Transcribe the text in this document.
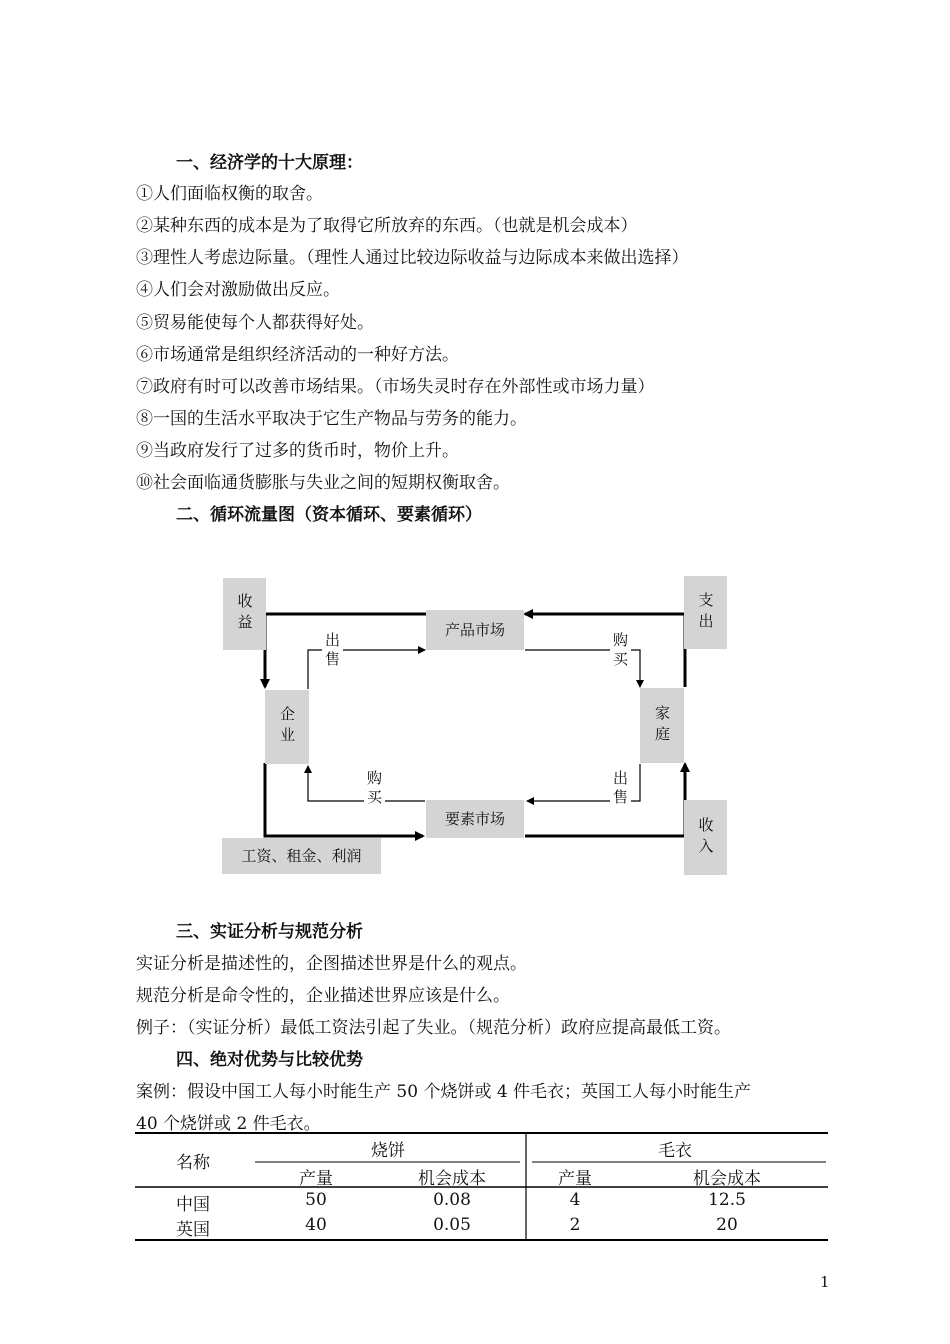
一、经济学的十大原理：
①人们面临权衡的取舍。
②某种东西的成本是为了取得它所放弃的东西。（也就是机会成本）
③理性人考虑边际量。（理性人通过比较边际收益与边际成本来做出选择）
④人们会对激励做出反应。
⑤贸易能使每个人都获得好处。
⑥市场通常是组织经济活动的一种好方法。
⑦政府有时可以改善市场结果。（市场失灵时存在外部性或市场力量）
⑧一国的生活水平取决于它生产物品与劳务的能力。
⑨当政府发行了过多的货币时，物价上升。
⑩社会面临通货膨胀与失业之间的短期权衡取舍。
二、循环流量图（资本循环、要素循环）
收益	支出
产品市场
企业	家庭
要素市场	收入
工资、租金、利润
出售	购买
购买	出售
三、实证分析与规范分析
实证分析是描述性的，企图描述世界是什么的观点。
规范分析是命令性的，企业描述世界应该是什么。
例子：（实证分析）最低工资法引起了失业。（规范分析）政府应提高最低工资。
四、绝对优势与比较优势
案例：假设中国工人每小时能生产 50 个烧饼或 4 件毛衣；英国工人每小时能生产
40 个烧饼或 2 件毛衣。
名称
烧饼	毛衣
产量	机会成本	产量	机会成本
中国	50	0.08	4	12.5
英国	40	0.05	2	20
1
